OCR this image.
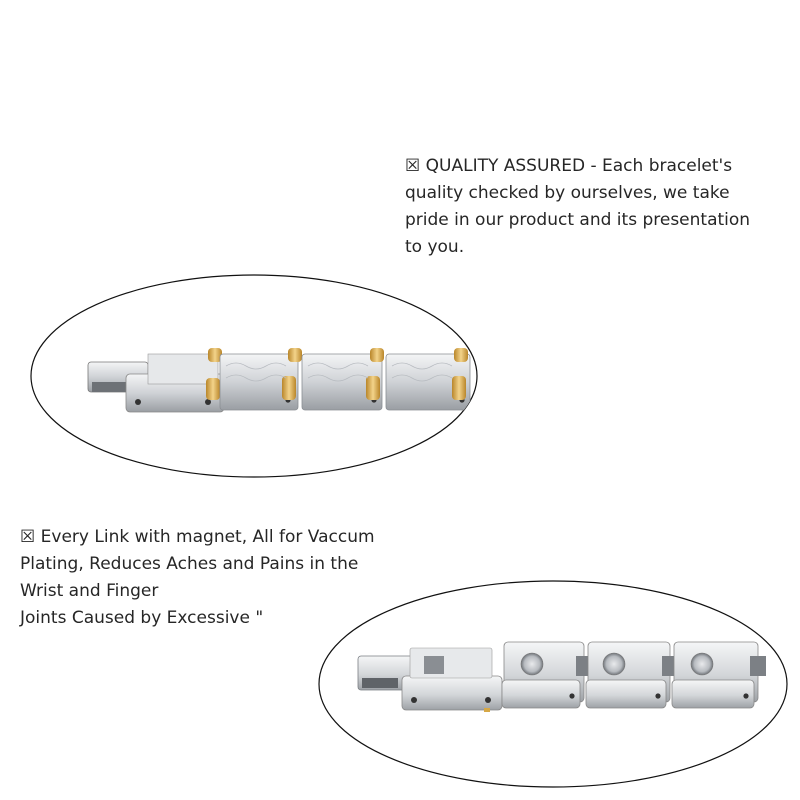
☒ QUALITY ASSURED - Each bracelet's
quality checked by ourselves, we take
pride in our product and its presentation
to you.
☒ Every Link with magnet, All for Vaccum
Plating, Reduces Aches and Pains in the
Wrist and Finger
Joints Caused by Excessive "
